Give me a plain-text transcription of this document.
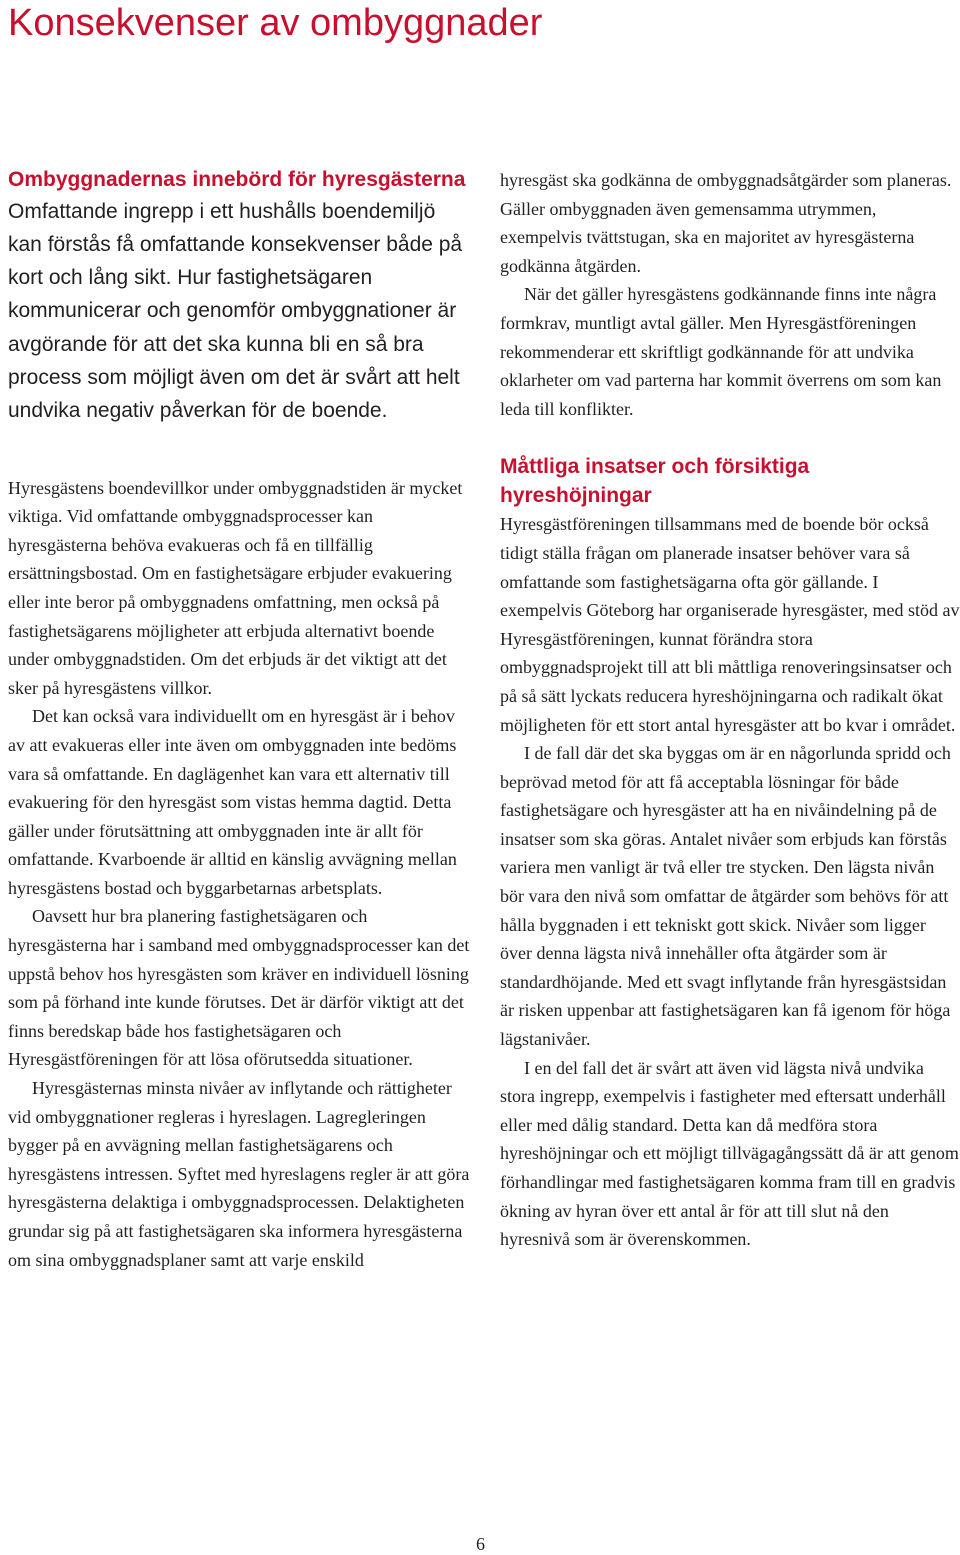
Konsekvenser av ombyggnader
Ombyggnadernas innebörd för hyresgästerna

Omfattande ingrepp i ett hushålls boendemiljö kan förstås få omfattande konsekvenser både på kort och lång sikt. Hur fastighetsägaren kommunicerar och genomför ombyggnationer är avgörande för att det ska kunna bli en så bra process som möjligt även om det är svårt att helt undvika negativ påverkan för de boende.

Hyresgästens boendevillkor under ombyggnadstiden är mycket viktiga. Vid omfattande ombyggnadsprocesser kan hyresgästerna behöva evakueras och få en tillfällig ersättningsbostad. Om en fastighetsägare erbjuder evakuering eller inte beror på ombyggnadens omfattning, men också på fastighetsägarens möjligheter att erbjuda alternativt boende under ombyggnadstiden. Om det erbjuds är det viktigt att det sker på hyresgästens villkor.

Det kan också vara individuellt om en hyresgäst är i behov av att evakueras eller inte även om ombyggnaden inte bedöms vara så omfattande. En daglägenhet kan vara ett alternativ till evakuering för den hyresgäst som vistas hemma dagtid. Detta gäller under förutsättning att ombyggnaden inte är allt för omfattande. Kvarboende är alltid en känslig avvägning mellan hyresgästens bostad och byggarbetarnas arbetsplats.

Oavsett hur bra planering fastighetsägaren och hyresgästerna har i samband med ombyggnadsprocesser kan det uppstå behov hos hyresgästen som kräver en individuell lösning som på förhand inte kunde förutses. Det är därför viktigt att det finns beredskap både hos fastighetsägaren och Hyresgästföreningen för att lösa oförutsedda situationer.

Hyresgästernas minsta nivåer av inflytande och rättigheter vid ombyggnationer regleras i hyreslagen. Lagregleringen bygger på en avvägning mellan fastighetsägarens och hyresgästens intressen. Syftet med hyreslagens regler är att göra hyresgästerna delaktiga i ombyggnadsprocessen. Delaktigheten grundar sig på att fastighetsägaren ska informera hyresgästerna om sina ombyggnadsplaner samt att varje enskild

hyresgäst ska godkänna de ombyggnadsåtgärder som planeras. Gäller ombyggnaden även gemensamma utrymmen, exempelvis tvättstugan, ska en majoritet av hyresgästerna godkänna åtgärden.

När det gäller hyresgästens godkännande finns inte några formkrav, muntligt avtal gäller. Men Hyresgästföreningen rekommenderar ett skriftligt godkännande för att undvika oklarheter om vad parterna har kommit överrens om som kan leda till konflikter.

Måttliga insatser och försiktiga hyreshöjningar

Hyresgästföreningen tillsammans med de boende bör också tidigt ställa frågan om planerade insatser behöver vara så omfattande som fastighetsägarna ofta gör gällande. I exempelvis Göteborg har organiserade hyresgäster, med stöd av Hyresgästföreningen, kunnat förändra stora ombyggnadsprojekt till att bli måttliga renoveringsinsatser och på så sätt lyckats reducera hyreshöjningarna och radikalt ökat möjligheten för ett stort antal hyresgäster att bo kvar i området.

I de fall där det ska byggas om är en någorlunda spridd och beprövad metod för att få acceptabla lösningar för både fastighetsägare och hyresgäster att ha en nivåindelning på de insatser som ska göras. Antalet nivåer som erbjuds kan förstås variera men vanligt är två eller tre stycken. Den lägsta nivån bör vara den nivå som omfattar de åtgärder som behövs för att hålla byggnaden i ett tekniskt gott skick. Nivåer som ligger över denna lägsta nivå innehåller ofta åtgärder som är standardhöjande. Med ett svagt inflytande från hyresgästsidan är risken uppenbar att fastighetsägaren kan få igenom för höga lägstanivåer.

I en del fall det är svårt att även vid lägsta nivå undvika stora ingrepp, exempelvis i fastigheter med eftersatt underhåll eller med dålig standard. Detta kan då medföra stora hyreshöjningar och ett möjligt tillvägagångssätt då är att genom förhandlingar med fastighetsägaren komma fram till en gradvis ökning av hyran över ett antal år för att till slut nå den hyresnivå som är överenskommen.

6
